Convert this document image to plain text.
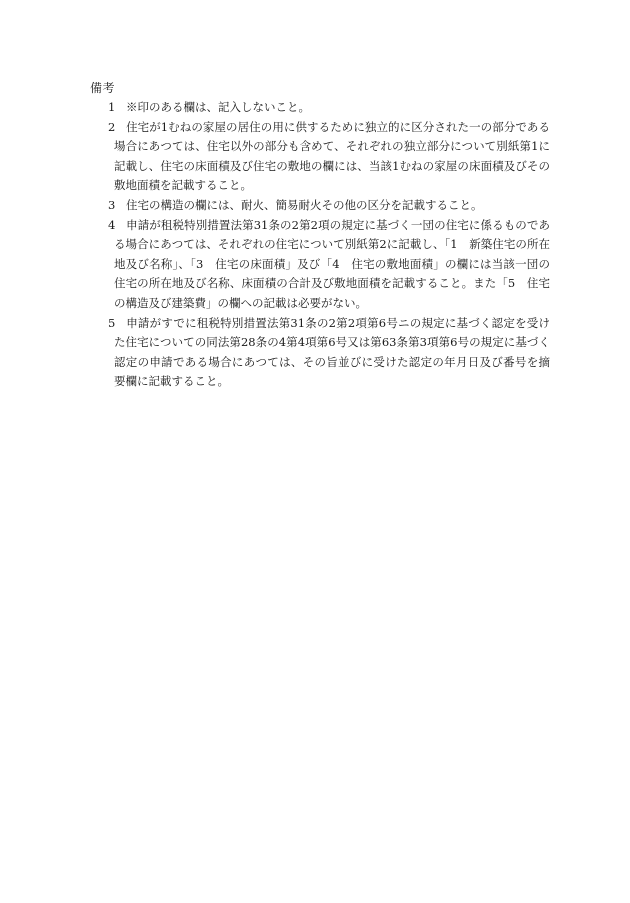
備考
1 ※印のある欄は、記入しないこと。
2 住宅が1むねの家屋の居住の用に供するために独立的に区分された一の部分である場合にあつては、住宅以外の部分も含めて、それぞれの独立部分について別紙第1に記載し、住宅の床面積及び住宅の敷地の欄には、当該1むねの家屋の床面積及びその敷地面積を記載すること。
3 住宅の構造の欄には、耐火、簡易耐火その他の区分を記載すること。
4 申請が租税特別措置法第31条の2第2項の規定に基づく一団の住宅に係るものである場合にあつては、それぞれの住宅について別紙第2に記載し、「1　新築住宅の所在地及び名称」、「3　住宅の床面積」及び「4　住宅の敷地面積」の欄には当該一団の住宅の所在地及び名称、床面積の合計及び敷地面積を記載すること。また「5　住宅の構造及び建築費」の欄への記載は必要がない。
5 申請がすでに租税特別措置法第31条の2第2項第6号ニの規定に基づく認定を受けた住宅についての同法第28条の4第4項第6号又は第63条第3項第6号の規定に基づく認定の申請である場合にあつては、その旨並びに受けた認定の年月日及び番号を摘要欄に記載すること。
